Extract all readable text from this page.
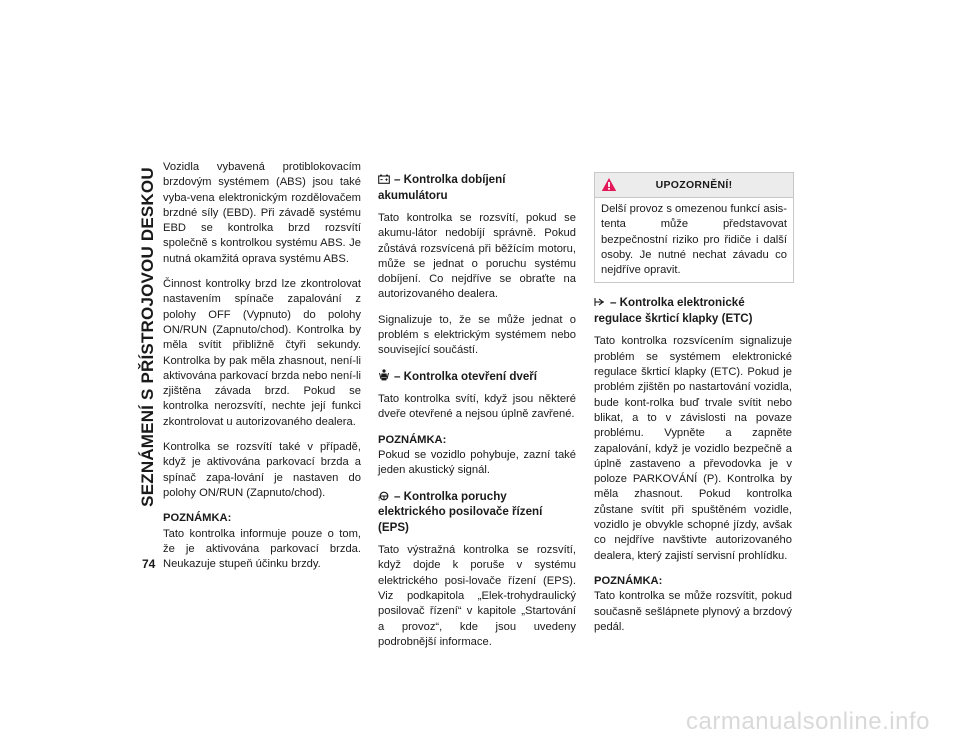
SEZNÁMENÍ S PŘÍSTROJOVOU DESKOU
74

Vozidla vybavená protiblokovacím brzdovým systémem (ABS) jsou také vyba-vena elektronickým rozdělovačem brzdné síly (EBD). Při závadě systému EBD se kontrolka brzd rozsvítí společně s kontrolkou systému ABS. Je nutná okamžitá oprava systému ABS.

Činnost kontrolky brzd lze zkontrolovat nastavením spínače zapalování z polohy OFF (Vypnuto) do polohy ON/RUN (Zapnuto/chod). Kontrolka by měla svítit přibližně čtyři sekundy. Kontrolka by pak měla zhasnout, není-li aktivována parkovací brzda nebo není-li zjištěna závada brzd. Pokud se kontrolka nerozsvítí, nechte její funkci zkontrolovat u autorizovaného dealera.

Kontrolka se rozsvítí také v případě, když je aktivována parkovací brzda a spínač zapa-lování je nastaven do polohy ON/RUN (Zapnuto/chod).

POZNÁMKA:

Tato kontrolka informuje pouze o tom, že je aktivována parkovací brzda. Neukazuje stupeň účinku brzdy.

– Kontrolka dobíjení akumulátoru

Tato kontrolka se rozsvítí, pokud se akumu-látor nedobíjí správně. Pokud zůstává rozsvícená při běžícím motoru, může se jednat o poruchu systému dobíjení. Co nejdříve se obraťte na autorizovaného dealera.

Signalizuje to, že se může jednat o problém s elektrickým systémem nebo související součástí.

– Kontrolka otevření dveří

Tato kontrolka svítí, když jsou některé dveře otevřené a nejsou úplně zavřené.

POZNÁMKA:

Pokud se vozidlo pohybuje, zazní také jeden akustický signál.

! – Kontrolka poruchy elektrického posilovače řízení (EPS)

Tato výstražná kontrolka se rozsvítí, když dojde k poruše v systému elektrického posi-lovače řízení (EPS). Viz podkapitola „Elek-trohydraulický posilovač řízení“ v kapitole „Startování a provoz“, kde jsou uvedeny podrobnější informace.

UPOZORNĚNÍ!

Delší provoz s omezenou funkcí asis-tenta může představovat bezpečnostní riziko pro řidiče i další osoby. Je nutné nechat závadu co nejdříve opravit.

– Kontrolka elektronické regulace škrticí klapky (ETC)

Tato kontrolka rozsvícením signalizuje problém se systémem elektronické regulace škrticí klapky (ETC). Pokud je problém zjištěn po nastartování vozidla, bude kont-rolka buď trvale svítit nebo blikat, a to v závislosti na povaze problému. Vypněte a zapněte zapalování, když je vozidlo bezpečně a úplně zastaveno a převodovka je v poloze PARKOVÁNÍ (P). Kontrolka by měla zhasnout. Pokud kontrolka zůstane svítit při spuštěném vozidle, vozidlo je obvykle schopné jízdy, avšak co nejdříve navštivte autorizovaného dealera, který zajistí servisní prohlídku.

POZNÁMKA:

Tato kontrolka se může rozsvítit, pokud současně sešlápnete plynový a brzdový pedál.

carmanualsonline.info
